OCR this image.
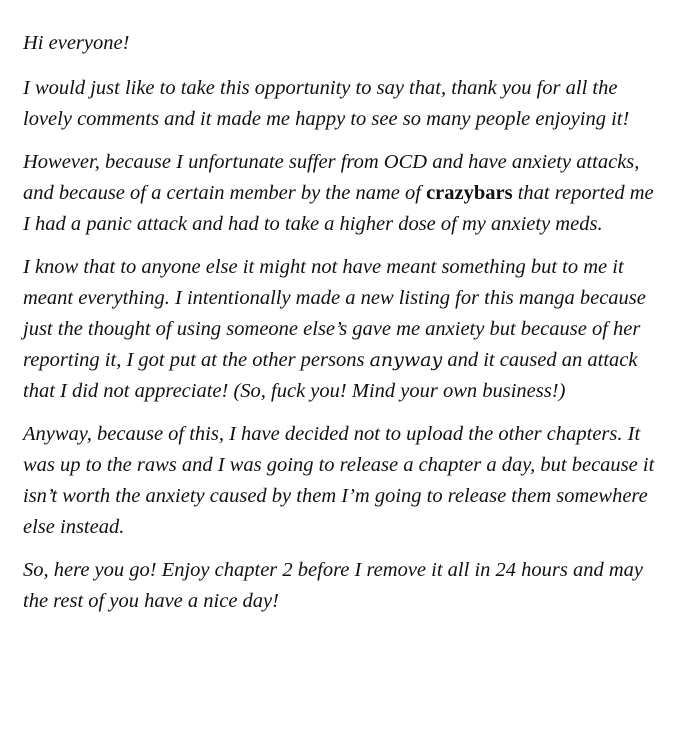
Hi everyone!

I would just like to take this opportunity to say that, thank you for all the lovely comments and it made me happy to see so many people enjoying it!

However, because I unfortunate suffer from OCD and have anxiety attacks, and because of a certain member by the name of crazybars that reported me I had a panic attack and had to take a higher dose of my anxiety meds.

I know that to anyone else it might not have meant something but to me it meant everything. I intentionally made a new listing for this manga because just the thought of using someone else’s gave me anxiety but because of her reporting it, I got put at the other persons anyway and it caused an attack that I did not appreciate! (So, fuck you! Mind your own business!)

Anyway, because of this, I have decided not to upload the other chapters. It was up to the raws and I was going to release a chapter a day, but because it isn’t worth the anxiety caused by them I’m going to release them somewhere else instead.

So, here you go! Enjoy chapter 2 before I remove it all in 24 hours and may the rest of you have a nice day!
